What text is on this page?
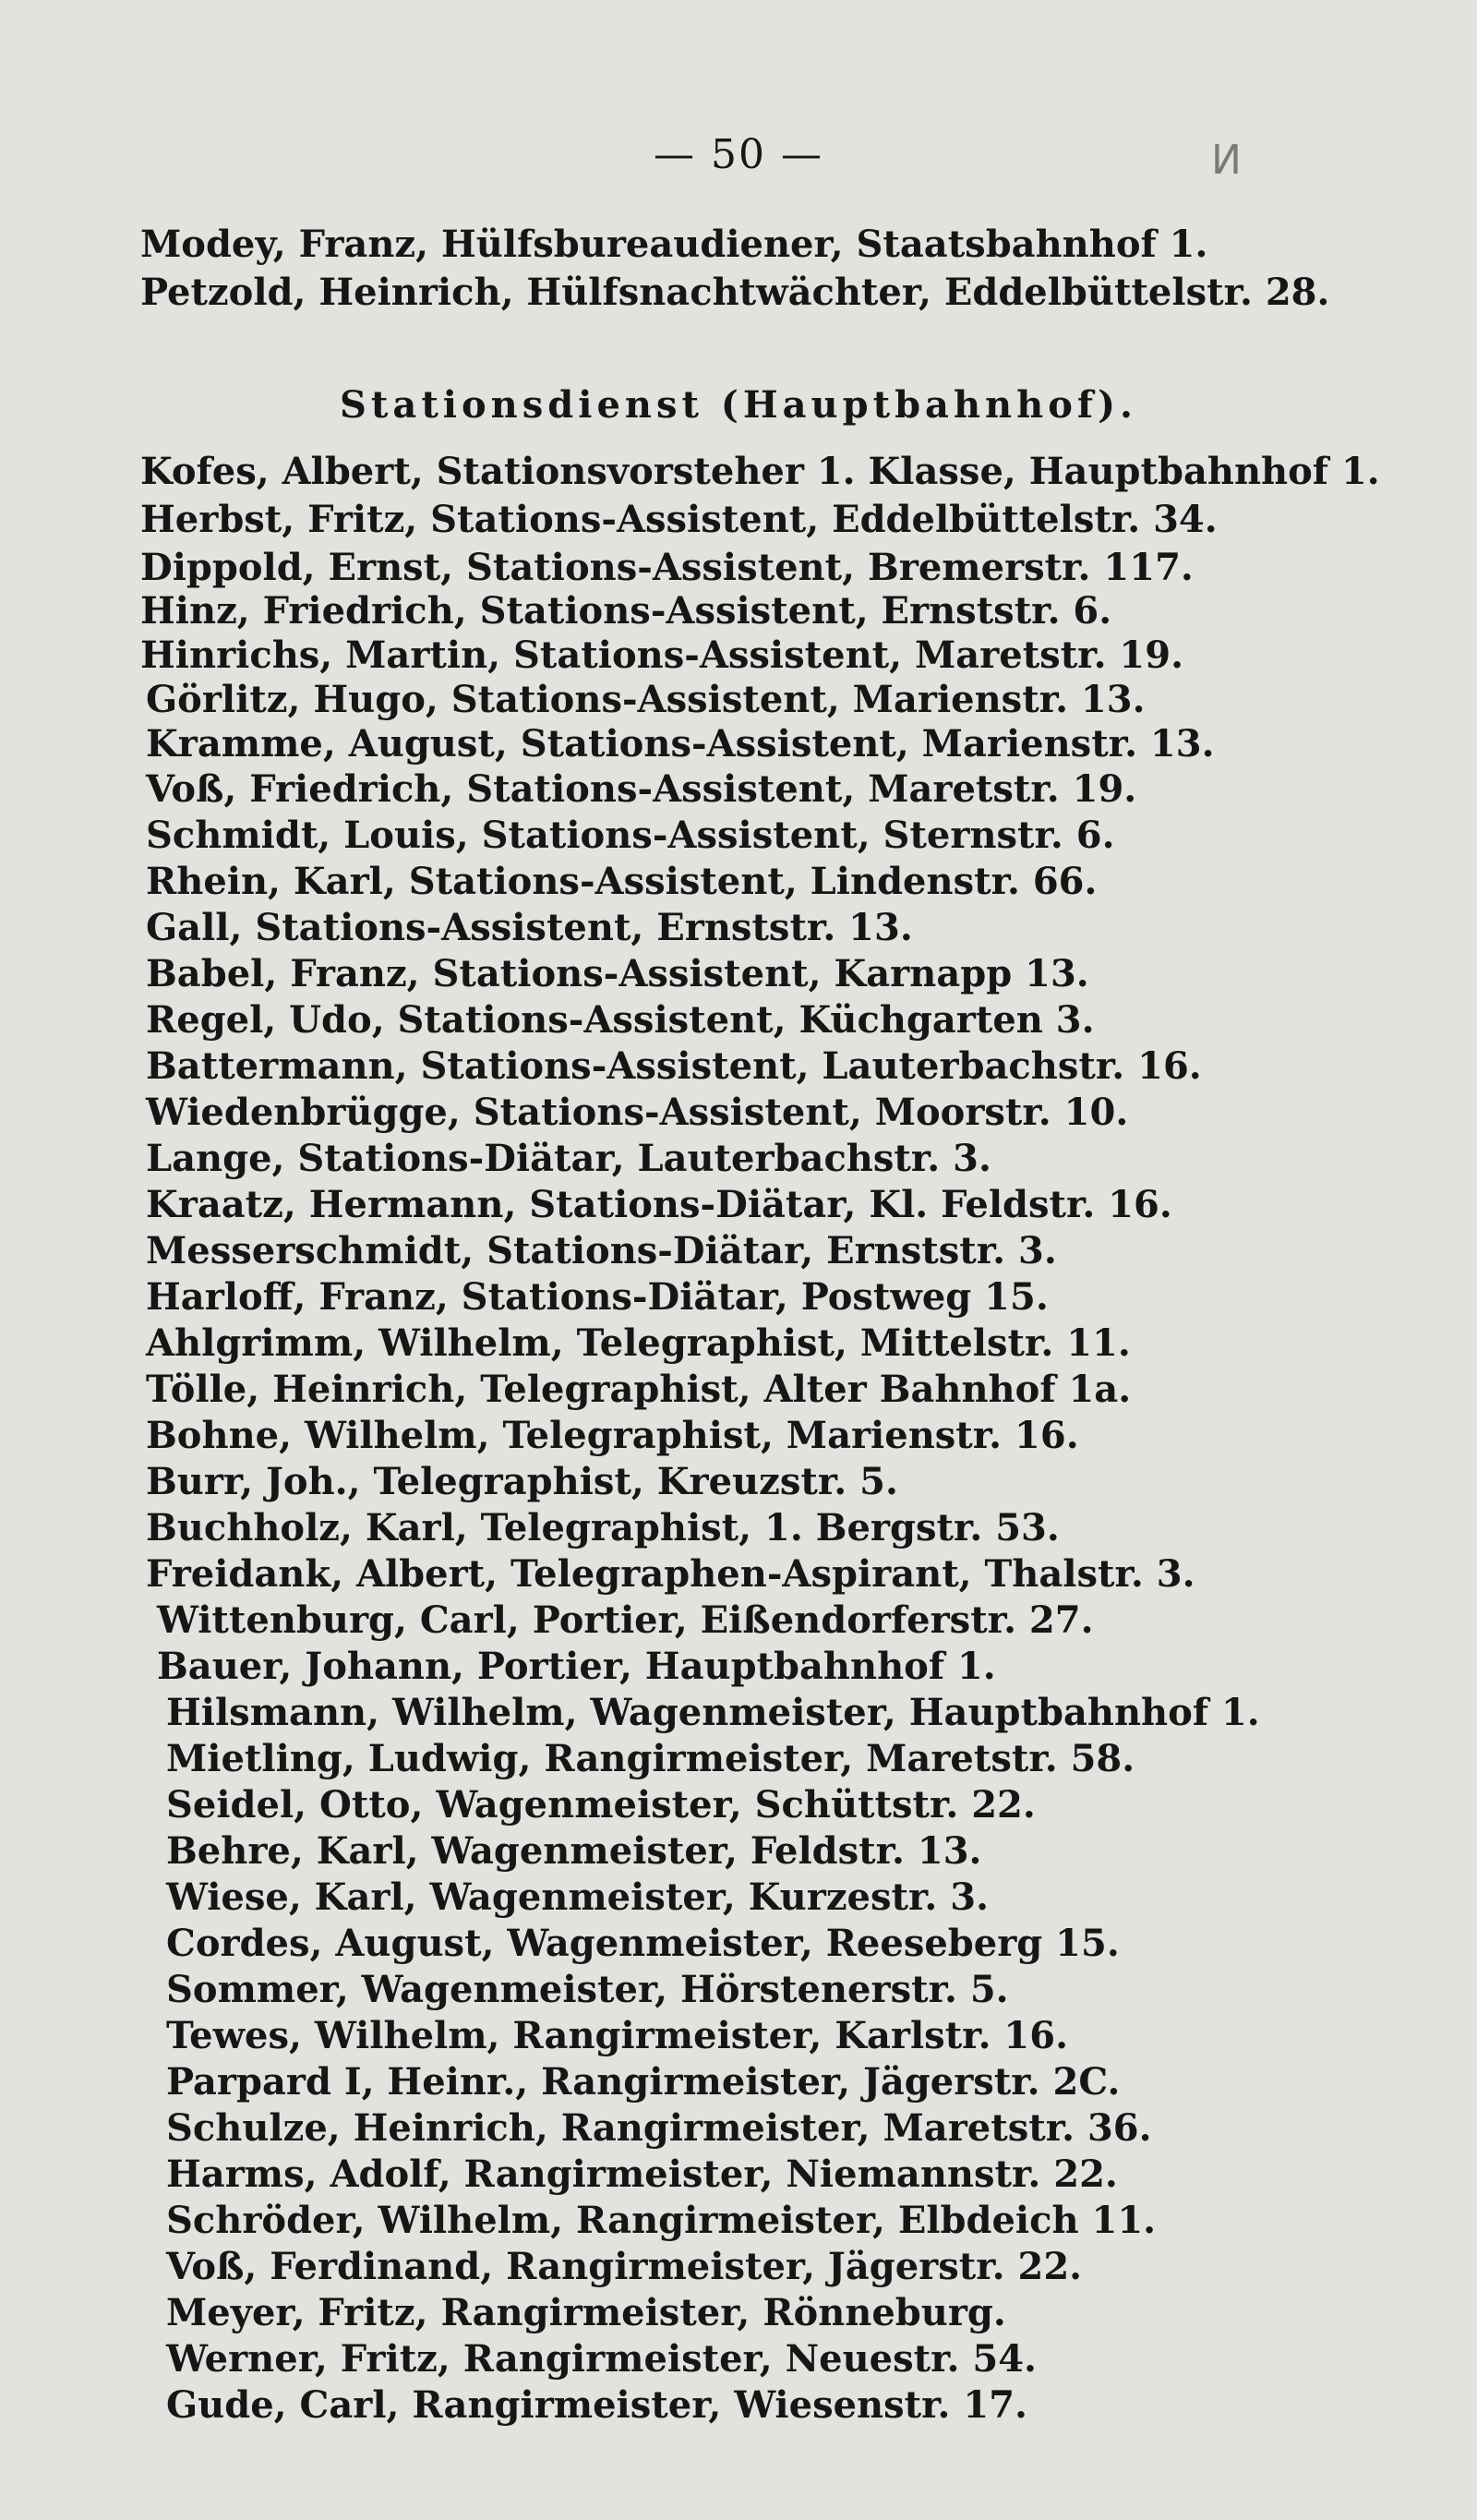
— 50 —	И
Modey, Franz, Hülfsbureaudiener, Staatsbahnhof 1.
Petzold, Heinrich, Hülfsnachtwächter, Eddelbüttelstr. 28.
Stationsdienst (Hauptbahnhof).
Kofes, Albert, Stationsvorsteher 1. Klasse, Hauptbahnhof 1.
Herbst, Fritz, Stations-Assistent, Eddelbüttelstr. 34.
Dippold, Ernst, Stations-Assistent, Bremerstr. 117.
Hinz, Friedrich, Stations-Assistent, Ernststr. 6.
Hinrichs, Martin, Stations-Assistent, Maretstr. 19.
Görlitz, Hugo, Stations-Assistent, Marienstr. 13.
Kramme, August, Stations-Assistent, Marienstr. 13.
Voß, Friedrich, Stations-Assistent, Maretstr. 19.
Schmidt, Louis, Stations-Assistent, Sternstr. 6.
Rhein, Karl, Stations-Assistent, Lindenstr. 66.
Gall, Stations-Assistent, Ernststr. 13.
Babel, Franz, Stations-Assistent, Karnapp 13.
Regel, Udo, Stations-Assistent, Küchgarten 3.
Battermann, Stations-Assistent, Lauterbachstr. 16.
Wiedenbrügge, Stations-Assistent, Moorstr. 10.
Lange, Stations-Diätar, Lauterbachstr. 3.
Kraatz, Hermann, Stations-Diätar, Kl. Feldstr. 16.
Messerschmidt, Stations-Diätar, Ernststr. 3.
Harloff, Franz, Stations-Diätar, Postweg 15.
Ahlgrimm, Wilhelm, Telegraphist, Mittelstr. 11.
Tölle, Heinrich, Telegraphist, Alter Bahnhof 1a.
Bohne, Wilhelm, Telegraphist, Marienstr. 16.
Burr, Joh., Telegraphist, Kreuzstr. 5.
Buchholz, Karl, Telegraphist, 1. Bergstr. 53.
Freidank, Albert, Telegraphen-Aspirant, Thalstr. 3.
Wittenburg, Carl, Portier, Eißendorferstr. 27.
Bauer, Johann, Portier, Hauptbahnhof 1.
Hilsmann, Wilhelm, Wagenmeister, Hauptbahnhof 1.
Mietling, Ludwig, Rangirmeister, Maretstr. 58.
Seidel, Otto, Wagenmeister, Schüttstr. 22.
Behre, Karl, Wagenmeister, Feldstr. 13.
Wiese, Karl, Wagenmeister, Kurzestr. 3.
Cordes, August, Wagenmeister, Reeseberg 15.
Sommer, Wagenmeister, Hörstenerstr. 5.
Tewes, Wilhelm, Rangirmeister, Karlstr. 16.
Parpard I, Heinr., Rangirmeister, Jägerstr. 2C.
Schulze, Heinrich, Rangirmeister, Maretstr. 36.
Harms, Adolf, Rangirmeister, Niemannstr. 22.
Schröder, Wilhelm, Rangirmeister, Elbdeich 11.
Voß, Ferdinand, Rangirmeister, Jägerstr. 22.
Meyer, Fritz, Rangirmeister, Rönneburg.
Werner, Fritz, Rangirmeister, Neuestr. 54.
Gude, Carl, Rangirmeister, Wiesenstr. 17.
